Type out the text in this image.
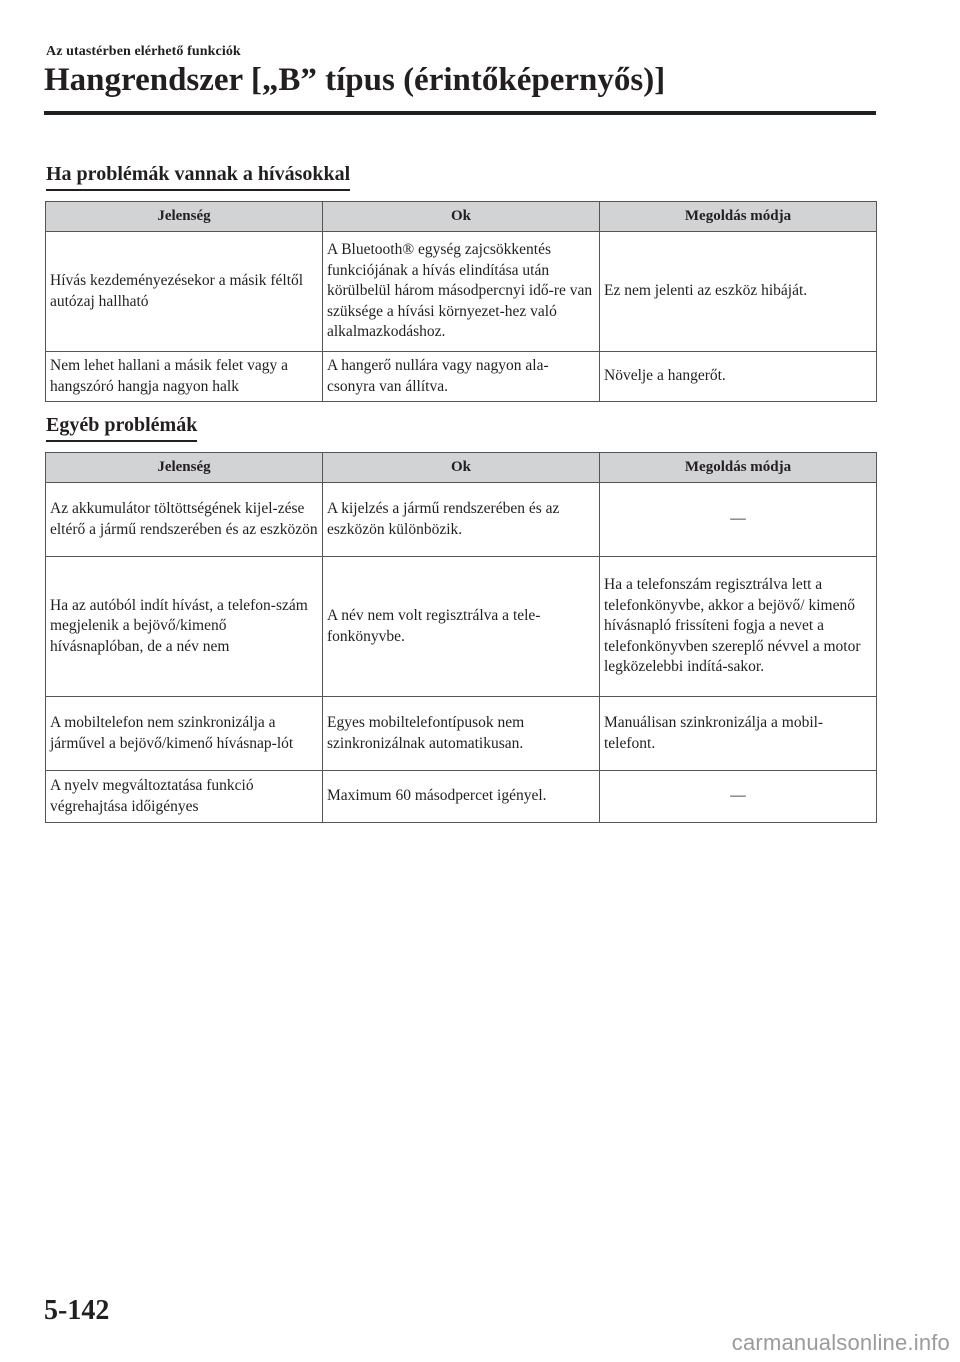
Az utastérben elérhető funkciók
Hangrendszer [„B” típus (érintőképernyős)]
Ha problémák vannak a hívásokkal
Jelenség	Ok	Megoldás módja
Hívás kezdeményezésekor a másik féltől autózaj hallható	A Bluetooth® egység zajcsökkentés funkciójának a hívás elindítása után körülbelül három másodpercnyi idő-re van szüksége a hívási környezet-hez való alkalmazkodáshoz.	Ez nem jelenti az eszköz hibáját.
Nem lehet hallani a másik felet vagy a hangszóró hangja nagyon halk	A hangerő nullára vagy nagyon ala-csonyra van állítva.	Növelje a hangerőt.
Egyéb problémák
Jelenség	Ok	Megoldás módja
Az akkumulátor töltöttségének kijel-zése eltérő a jármű rendszerében és az eszközön	A kijelzés a jármű rendszerében és az eszközön különbözik.	—
Ha az autóból indít hívást, a telefon-szám megjelenik a bejövő/kimenő hívásnaplóban, de a név nem	A név nem volt regisztrálva a tele-fonkönyvbe.	Ha a telefonszám regisztrálva lett a telefonkönyvbe, akkor a bejövő/ kimenő hívásnapló frissíteni fogja a nevet a telefonkönyvben szereplő névvel a motor legközelebbi indítá-sakor.
A mobiltelefon nem szinkronizálja a járművel a bejövő/kimenő hívásnap-lót	Egyes mobiltelefontípusok nem szinkronizálnak automatikusan.	Manuálisan szinkronizálja a mobil-telefont.
A nyelv megváltoztatása funkció végrehajtása időigényes	Maximum 60 másodpercet igényel.	—
5-142
carmanualsonline.info
